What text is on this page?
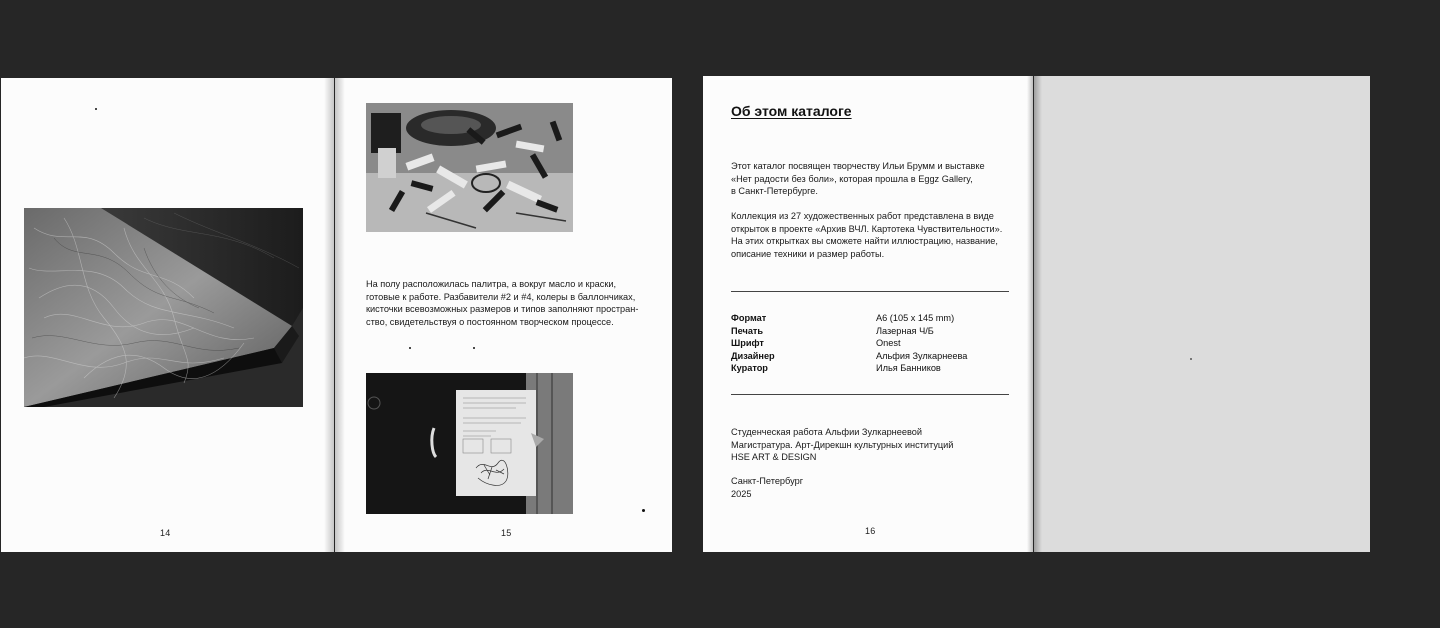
14
На полу расположилась палитра, а вокруг масло и краски,
готовые к работе. Разбавители #2 и #4, колеры в баллончиках,
кисточки всевозможных размеров и типов заполняют простран-
ство, свидетельствуя о постоянном творческом процессе.
15
Об этом каталоге
Этот каталог посвящен творчеству Ильи Брумм и выставке
«Нет радости без боли», которая прошла в Eggz Gallery,
в Санкт-Петербурге.
Коллекция из 27 художественных работ представлена в виде
открыток в проекте «Архив ВЧЛ. Картотека Чувствительности».
На этих открытках вы сможете найти иллюстрацию, название,
описание техники и размер работы.
Формат	A6 (105 x 145 mm)
Печать	Лазерная Ч/Б
Шрифт	Onest
Дизайнер	Альфия Зулкарнеева
Куратор	Илья Банников
Студенческая работа Альфии Зулкарнеевой
Магистратура. Арт-Дирекшн культурных институций
HSE ART & DESIGN
Санкт-Петербург
2025
16
